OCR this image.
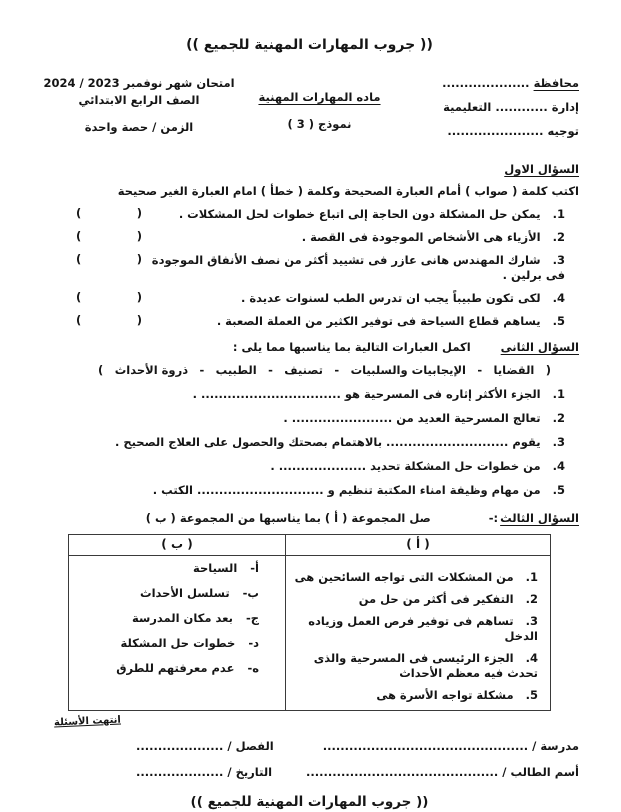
(( جروب المهارات المهنية للجميع ))
محافظة ....................
إدارة ............ التعليمية
توجيه ......................
ماده المهارات المهنية
نموذج ( 3 )
امتحان شهر نوفمبر 2023 ‏/‏ 2024
الصف الرابع الابتدائي
الزمن / حصة واحدة
السؤال الاول
اكتب كلمة ( صواب ) أمام العبارة الصحيحة وكلمة ( خطأ ) امام العبارة الغير صحيحة
1.يمكن حل المشكلة دون الحاجة إلى اتباع خطوات لحل المشكلات .
(	)
2.الأزياء هى الأشخاص الموجودة فى القصة .
(	)
3.شارك المهندس هانى عازر فى تشييد أكثر من نصف الأنفاق الموجودة فى برلين .
(	)
4.لكى تكون طبيباً يجب ان تدرس الطب لسنوات عديدة .
(	)
5.يساهم قطاع السياحة فى توفير الكثير من العملة الصعبة .
(	)
السؤال الثانى
اكمل العبارات التالية بما يناسبها مما يلى :
(
القضايا
-
الإيجابيات والسلبيات
-
تصنيف
-
الطبيب
-
ذروة الأحداث
)
1.الجزء الأكثر إثاره فى المسرحية هو ................................ .
2.تعالج المسرحية العديد من ....................... .
3.يقوم ............................ بالاهتمام بصحتك والحصول على العلاج الصحيح .
4.من خطوات حل المشكلة تحديد .................... .
5.من مهام وظيفة امناء المكتبة تنظيم و ............................. الكتب .
السؤال الثالث
:-
صل المجموعة ( أ ) بما يناسبها من المجموعة ( ب )
( أ )	( ب )

1.من المشكلات التى تواجه السائحين هى
2.التفكير فى أكثر من حل من
3.تساهم فى توفير فرص العمل وزياده الدخل
4.الجزء الرئيسى فى المسرحية والذى تحدث فيه معظم الأحداث
5.مشكلة تواجه الأسرة هى

أ-السياحة
ب-تسلسل الأحداث
ج-بعد مكان المدرسة
د-خطوات حل المشكلة
ه-عدم معرفتهم للطرق
انتهت الأسئلة
مدرسة / ...............................................
الفصل / ....................
أسم الطالب / ............................................
التاريخ / ....................
(( جروب المهارات المهنية للجميع ))
